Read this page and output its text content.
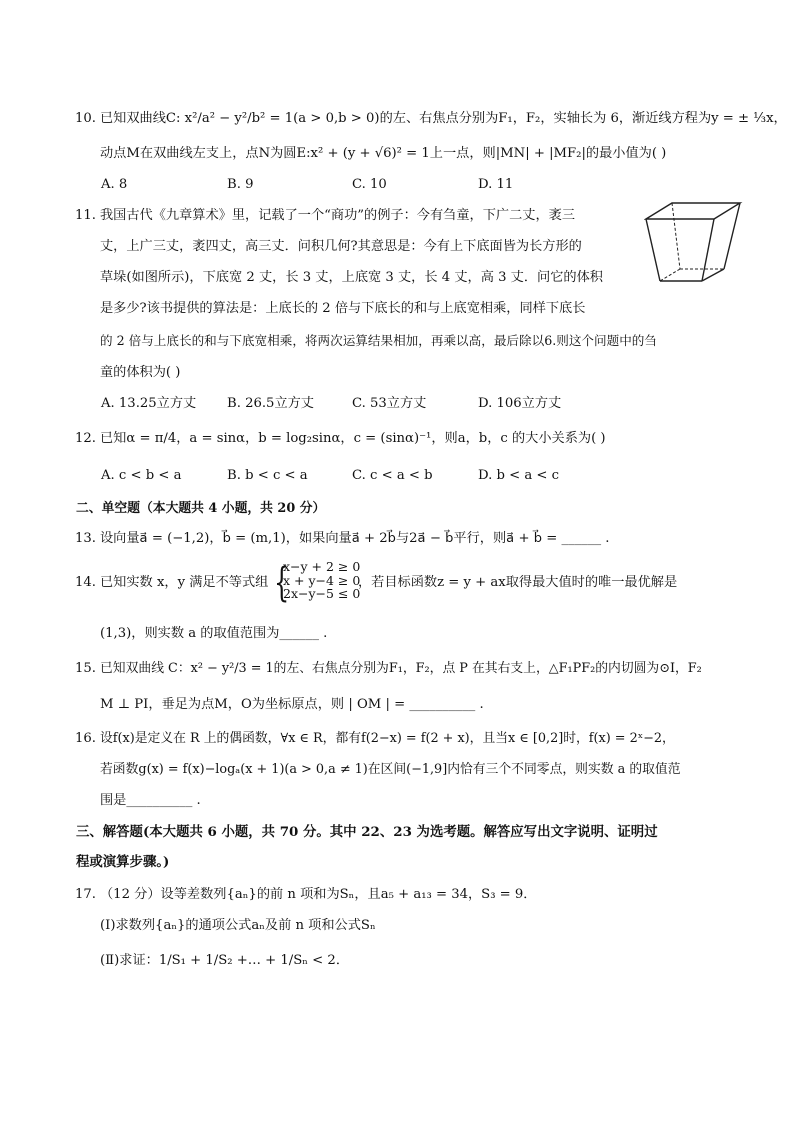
10. 已知双曲线C: x²/a² − y²/b² = 1(a > 0,b > 0)的左、右焦点分别为F₁，F₂，实轴长为 6，渐近线方程为y = ± ⅓x，
动点M在双曲线左支上，点N为圆E:x² + (y + √6)² = 1上一点，则|MN| + |MF₂|的最小值为( )
A. 8	B. 9	C. 10	D. 11
11. 我国古代《九章算术》里，记载了一个“商功”的例子：今有刍童，下广二丈，袤三
丈，上广三丈，袤四丈，高三丈．问积几何?其意思是：今有上下底面皆为长方形的
草垛(如图所示)，下底宽 2 丈，长 3 丈，上底宽 3 丈，长 4 丈，高 3 丈．问它的体积
是多少?该书提供的算法是：上底长的 2 倍与下底长的和与上底宽相乘，同样下底长
的 2 倍与上底长的和与下底宽相乘，将两次运算结果相加，再乘以高，最后除以6.则这个问题中的刍
童的体积为( )
A. 13.25立方丈 B. 26.5立方丈	C. 53立方丈	D. 106立方丈
12. 已知α = π/4，a = sinα，b = log₂sinα，c = (sinα)⁻¹，则a，b，c 的大小关系为( )
A. c < b < a	B. b < c < a	C. c < a < b	D. b < a < c
二、单空题（本大题共 4 小题，共 20 分）
13. 设向量a⃗ = (−1,2)，b⃗ = (m,1)，如果向量a⃗ + 2b⃗与2a⃗ − b⃗平行，则a⃗ + b⃗ = ______ .
14. 已知实数 x，y 满足不等式组 {
x−y + 2 ≥ 0
x + y−4 ≥ 0
2x−y−5 ≤ 0
，若目标函数z = y + ax取得最大值时的唯一最优解是
(1,3)，则实数 a 的取值范围为______ .
15. 已知双曲线 C：x² − y²/3 = 1的左、右焦点分别为F₁，F₂，点 P 在其右支上，△F₁PF₂的内切圆为⊙I，F₂
M ⊥ PI，垂足为点M，O为坐标原点，则 | OM | = __________ .
16. 设f(x)是定义在 R 上的偶函数，∀x ∈ R，都有f(2−x) = f(2 + x)，且当x ∈ [0,2]时，f(x) = 2ˣ−2，
若函数g(x) = f(x)−logₐ(x + 1)(a > 0,a ≠ 1)在区间(−1,9]内恰有三个不同零点，则实数 a 的取值范
围是__________ .
三、解答题(本大题共 6 小题，共 70 分。其中 22、23 为选考题。解答应写出文字说明、证明过
程或演算步骤。)
17. （12 分）设等差数列{aₙ}的前 n 项和为Sₙ，且a₅ + a₁₃ = 34，S₃ = 9．
(Ⅰ)求数列{aₙ}的通项公式aₙ及前 n 项和公式Sₙ
(Ⅱ)求证：1/S₁ + 1/S₂ +… + 1/Sₙ < 2．
